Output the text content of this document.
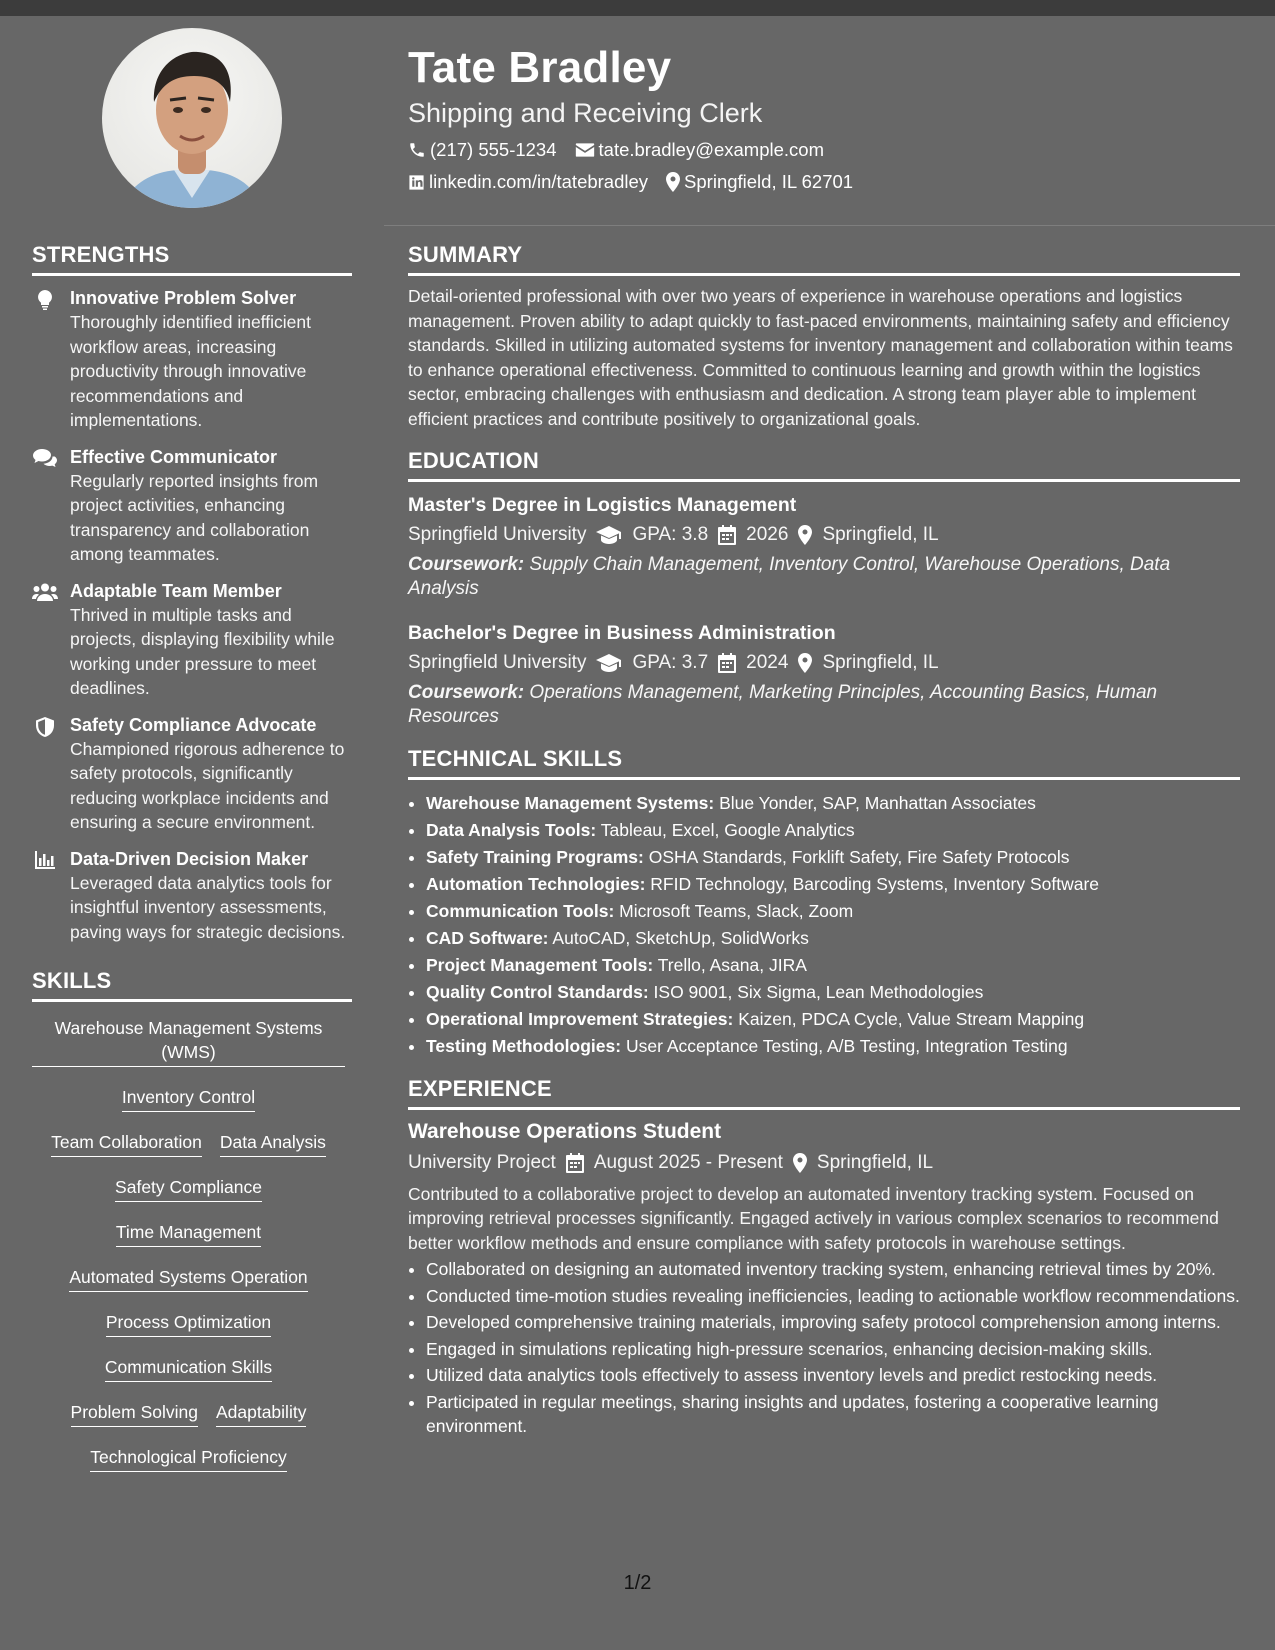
Tate Bradley
Shipping and Receiving Clerk
(217) 555-1234 tate.bradley@example.com
linkedin.com/in/tatebradley Springfield, IL 62701
STRENGTHS
Innovative Problem Solver
Thoroughly identified inefficient workflow areas, increasing productivity through innovative recommendations and implementations.
Effective Communicator
Regularly reported insights from project activities, enhancing transparency and collaboration among teammates.
Adaptable Team Member
Thrived in multiple tasks and projects, displaying flexibility while working under pressure to meet deadlines.
Safety Compliance Advocate
Championed rigorous adherence to safety protocols, significantly reducing workplace incidents and ensuring a secure environment.
Data-Driven Decision Maker
Leveraged data analytics tools for insightful inventory assessments, paving ways for strategic decisions.
SKILLS
Warehouse Management Systems (WMS)
Inventory Control
Team Collaboration Data Analysis
Safety Compliance
Time Management
Automated Systems Operation
Process Optimization
Communication Skills
Problem Solving Adaptability
Technological Proficiency
SUMMARY
Detail-oriented professional with over two years of experience in warehouse operations and logistics management. Proven ability to adapt quickly to fast-paced environments, maintaining safety and efficiency standards. Skilled in utilizing automated systems for inventory management and collaboration within teams to enhance operational effectiveness. Committed to continuous learning and growth within the logistics sector, embracing challenges with enthusiasm and dedication. A strong team player able to implement efficient practices and contribute positively to organizational goals.
EDUCATION
Master's Degree in Logistics Management
Springfield University GPA: 3.8 2026 Springfield, IL
Coursework: Supply Chain Management, Inventory Control, Warehouse Operations, Data Analysis
Bachelor's Degree in Business Administration
Springfield University GPA: 3.7 2024 Springfield, IL
Coursework: Operations Management, Marketing Principles, Accounting Basics, Human Resources
TECHNICAL SKILLS
• Warehouse Management Systems: Blue Yonder, SAP, Manhattan Associates
• Data Analysis Tools: Tableau, Excel, Google Analytics
• Safety Training Programs: OSHA Standards, Forklift Safety, Fire Safety Protocols
• Automation Technologies: RFID Technology, Barcoding Systems, Inventory Software
• Communication Tools: Microsoft Teams, Slack, Zoom
• CAD Software: AutoCAD, SketchUp, SolidWorks
• Project Management Tools: Trello, Asana, JIRA
• Quality Control Standards: ISO 9001, Six Sigma, Lean Methodologies
• Operational Improvement Strategies: Kaizen, PDCA Cycle, Value Stream Mapping
• Testing Methodologies: User Acceptance Testing, A/B Testing, Integration Testing
EXPERIENCE
Warehouse Operations Student
University Project August 2025 - Present Springfield, IL
Contributed to a collaborative project to develop an automated inventory tracking system. Focused on improving retrieval processes significantly. Engaged actively in various complex scenarios to recommend better workflow methods and ensure compliance with safety protocols in warehouse settings.
• Collaborated on designing an automated inventory tracking system, enhancing retrieval times by 20%.
• Conducted time-motion studies revealing inefficiencies, leading to actionable workflow recommendations.
• Developed comprehensive training materials, improving safety protocol comprehension among interns.
• Engaged in simulations replicating high-pressure scenarios, enhancing decision-making skills.
• Utilized data analytics tools effectively to assess inventory levels and predict restocking needs.
• Participated in regular meetings, sharing insights and updates, fostering a cooperative learning environment.
1/2
